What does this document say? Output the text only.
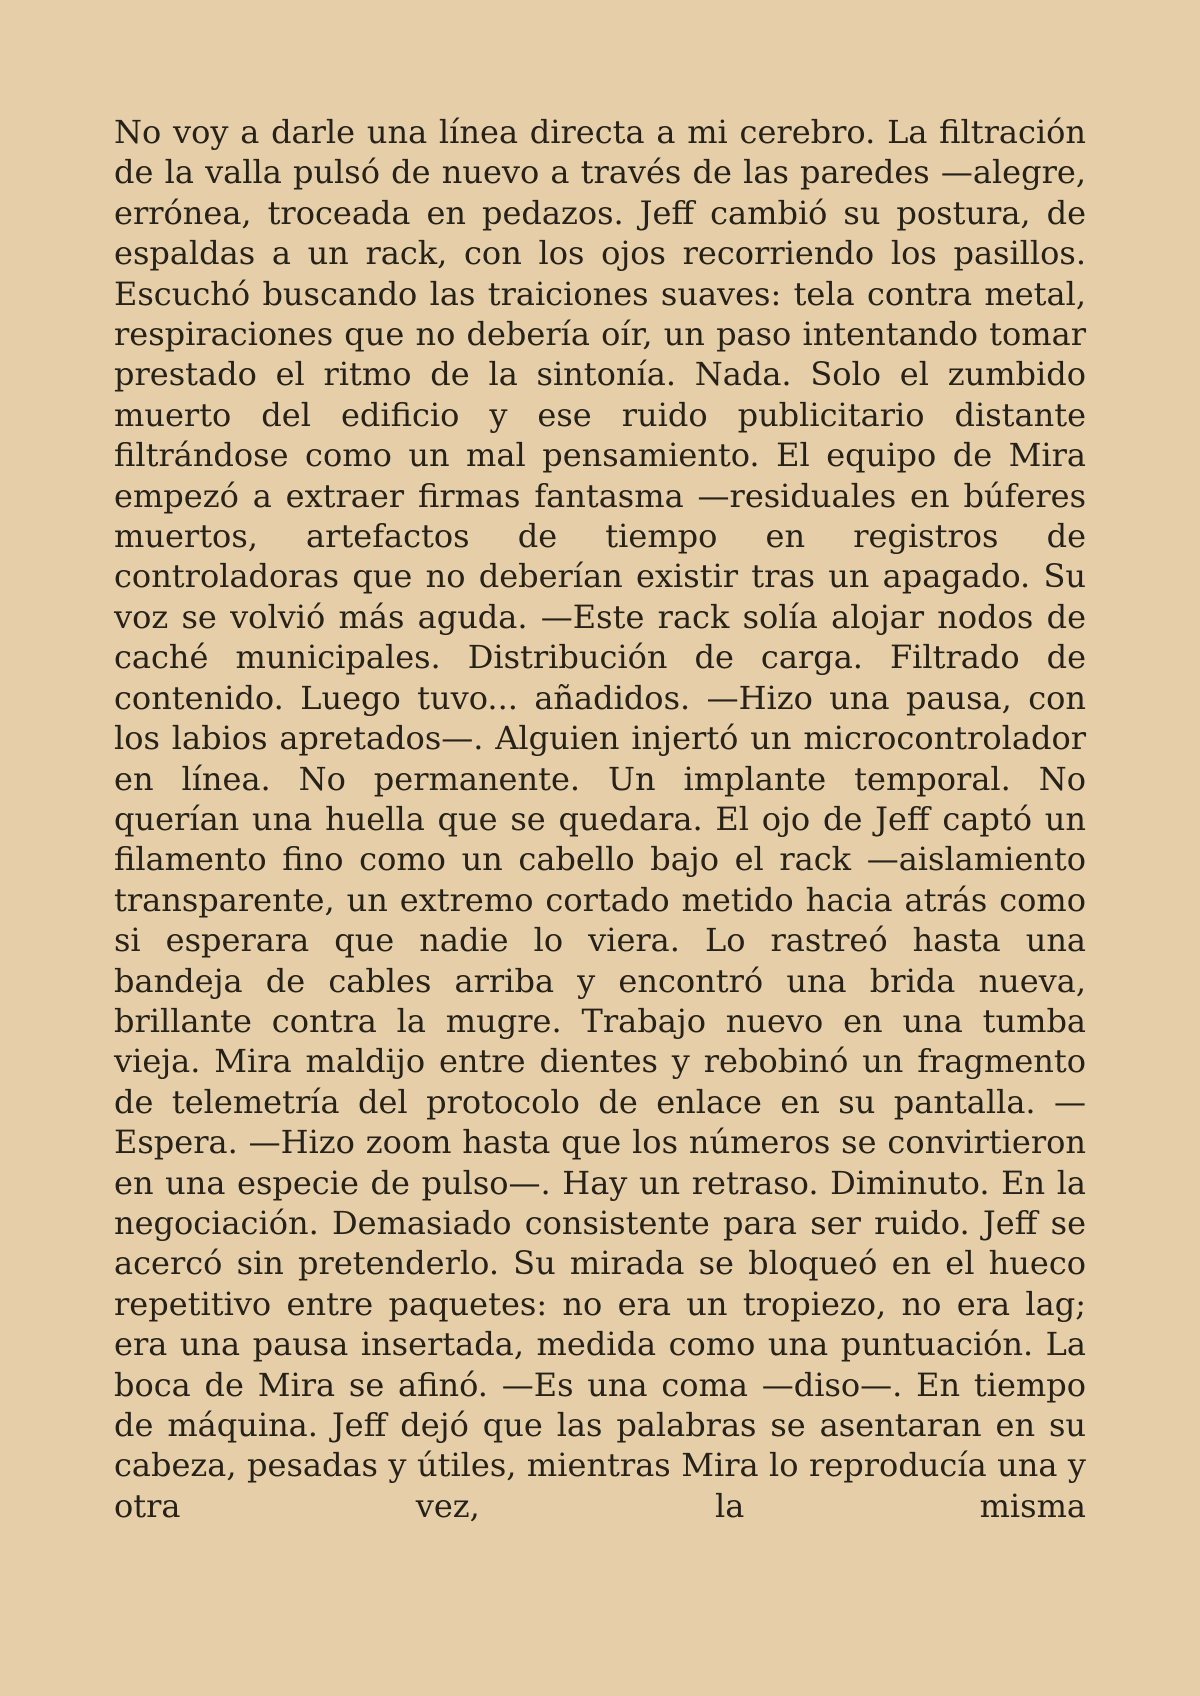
No voy a darle una línea directa a mi cerebro. La filtración de la valla pulsó de nuevo a través de las paredes —alegre, errónea, troceada en pedazos. Jeff cambió su postura, de espaldas a un rack, con los ojos recorriendo los pasillos. Escuchó buscando las traiciones suaves: tela contra metal, respiraciones que no debería oír, un paso intentando tomar prestado el ritmo de la sintonía. Nada. Solo el zumbido muerto del edificio y ese ruido publicitario distante filtrándose como un mal pensamiento. El equipo de Mira empezó a extraer firmas fantasma —residuales en búferes muertos, artefactos de tiempo en registros de controladoras que no deberían existir tras un apagado. Su voz se volvió más aguda. —Este rack solía alojar nodos de caché municipales. Distribución de carga. Filtrado de contenido. Luego tuvo... añadidos. —Hizo una pausa, con los labios apretados—. Alguien injertó un microcontrolador en línea. No permanente. Un implante temporal. No querían una huella que se quedara. El ojo de Jeff captó un filamento fino como un cabello bajo el rack —aislamiento transparente, un extremo cortado metido hacia atrás como si esperara que nadie lo viera. Lo rastreó hasta una bandeja de cables arriba y encontró una brida nueva, brillante contra la mugre. Trabajo nuevo en una tumba vieja. Mira maldijo entre dientes y rebobinó un fragmento de telemetría del protocolo de enlace en su pantalla. —Espera. —Hizo zoom hasta que los números se convirtieron en una especie de pulso—. Hay un retraso. Diminuto. En la negociación. Demasiado consistente para ser ruido. Jeff se acercó sin pretenderlo. Su mirada se bloqueó en el hueco repetitivo entre paquetes: no era un tropiezo, no era lag; era una pausa insertada, medida como una puntuación. La boca de Mira se afinó. —Es una coma —diso—. En tiempo de máquina. Jeff dejó que las palabras se asentaran en su cabeza, pesadas y útiles, mientras Mira lo reproducía una y otra vez, la misma
